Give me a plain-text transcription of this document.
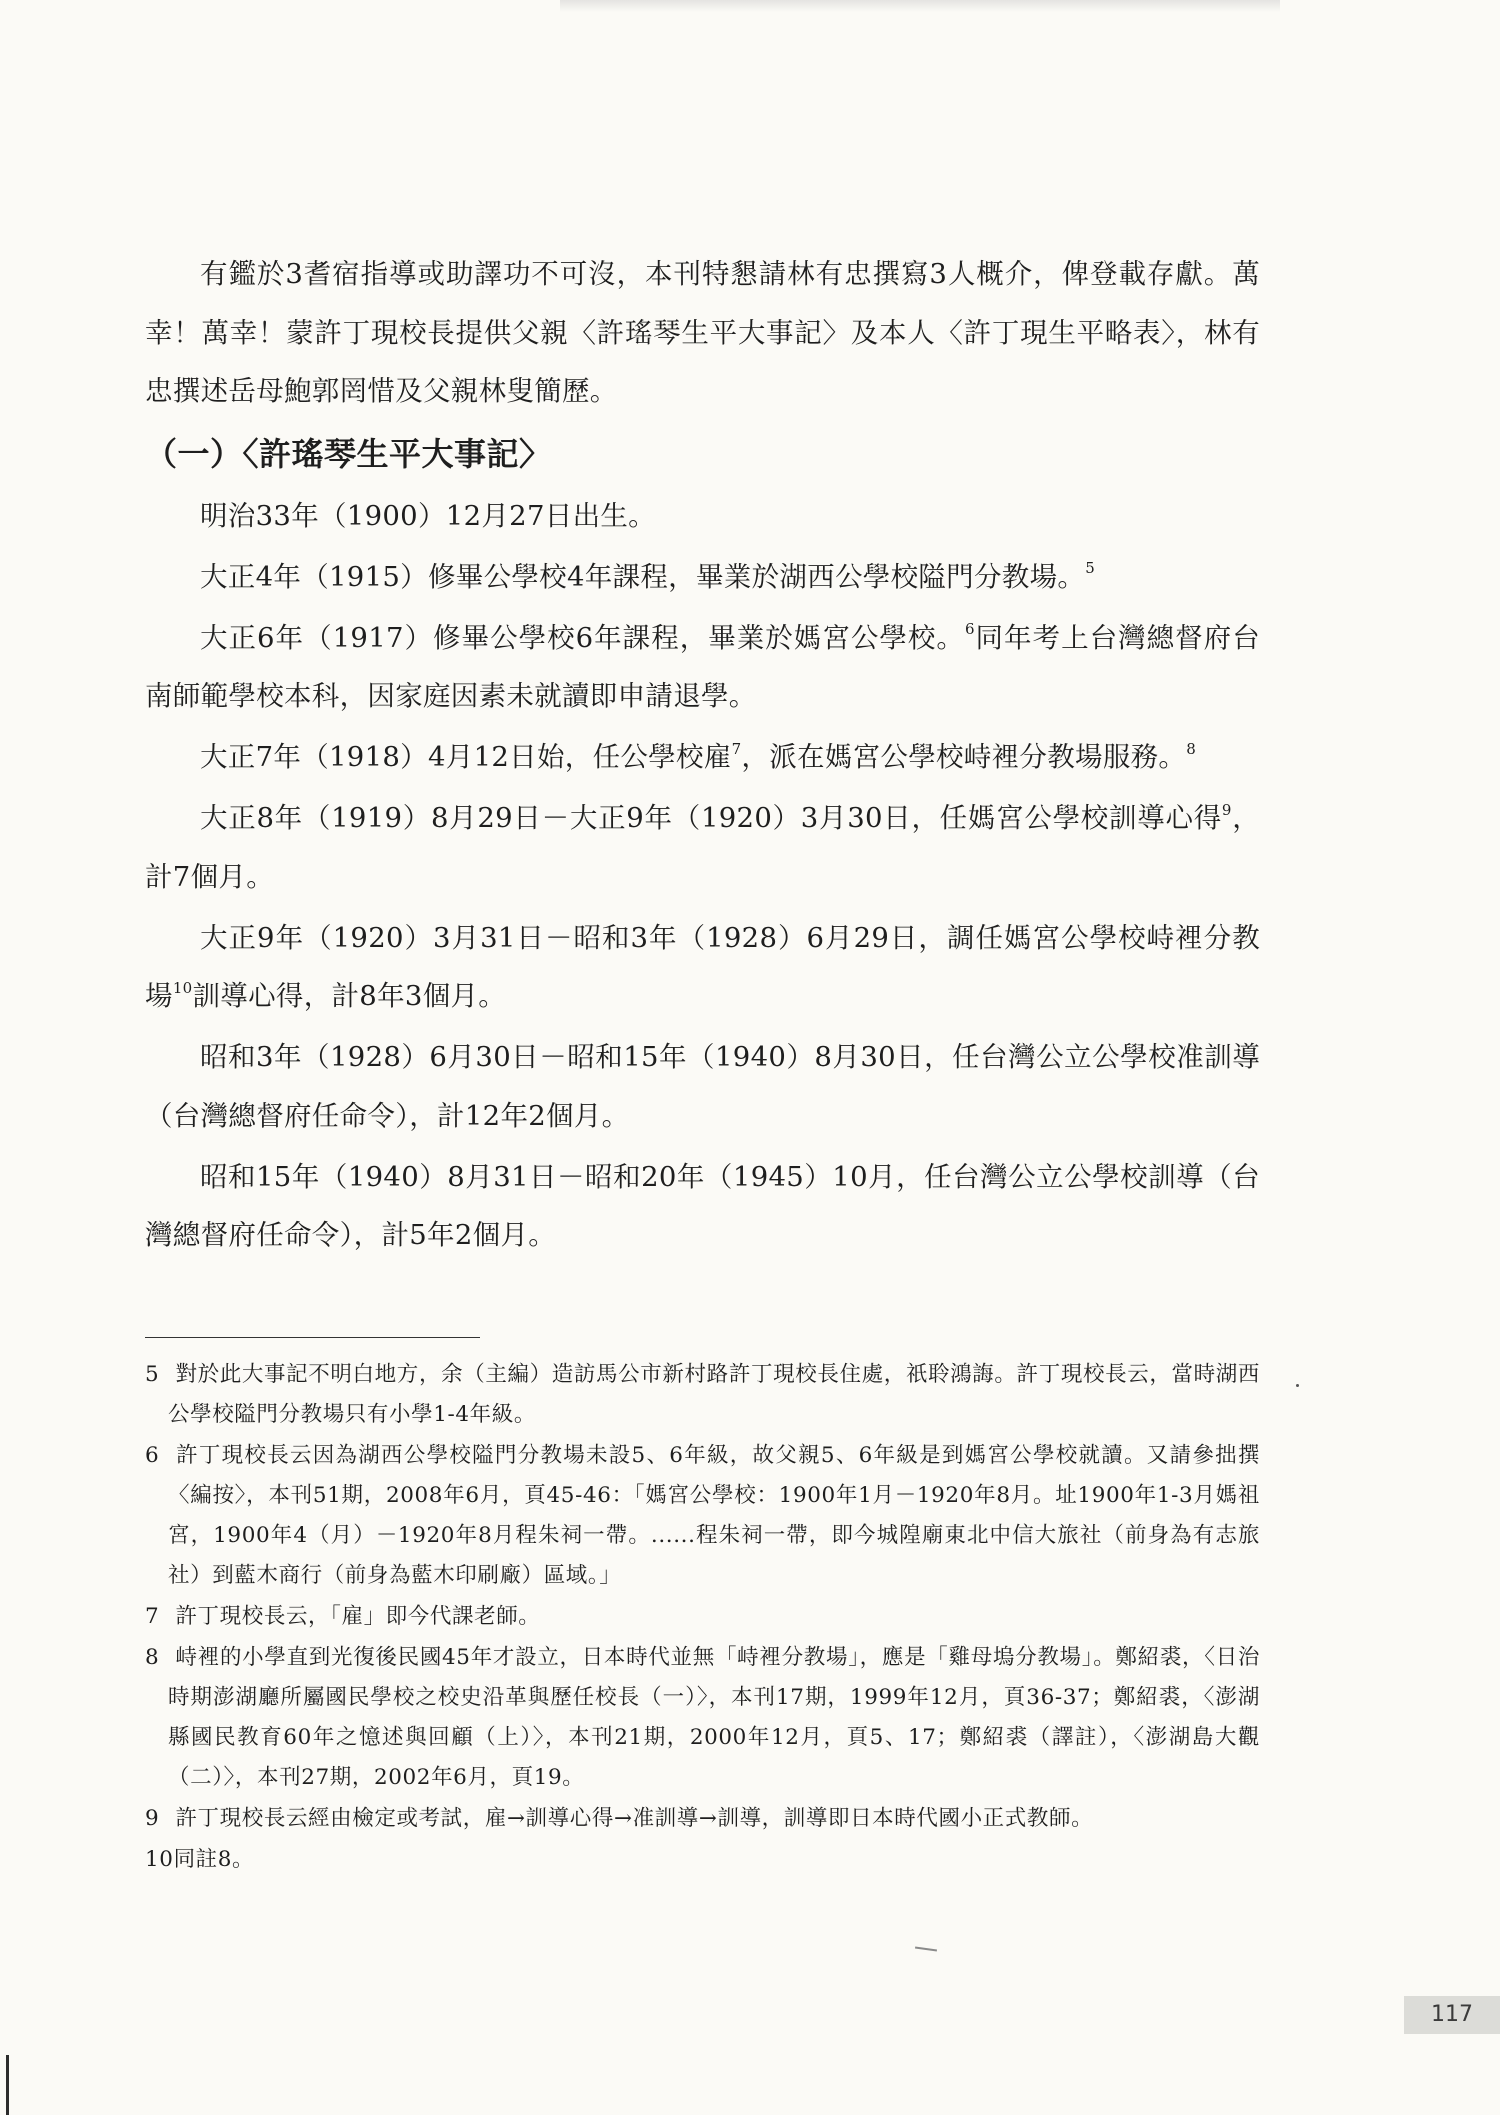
有鑑於3耆宿指導或助譯功不可沒，本刊特懇請林有忠撰寫3人概介，俾登載存獻。萬幸！萬幸！蒙許丁現校長提供父親〈許瑤琴生平大事記〉及本人〈許丁現生平略表〉，林有忠撰述岳母鮑郭罔惜及父親林叟簡歷。

（一）〈許瑤琴生平大事記〉

明治33年（1900）12月27日出生。

大正4年（1915）修畢公學校4年課程，畢業於湖西公學校隘門分教場。$^5$

大正6年（1917）修畢公學校6年課程，畢業於媽宮公學校。$^6$同年考上台灣總督府台南師範學校本科，因家庭因素未就讀即申請退學。

大正7年（1918）4月12日始，任公學校雇$^7$，派在媽宮公學校峙裡分教場服務。$^8$

大正8年（1919）8月29日－大正9年（1920）3月30日，任媽宮公學校訓導心得$^9$，計7個月。

大正9年（1920）3月31日－昭和3年（1928）6月29日，調任媽宮公學校峙裡分教場$^{10}$訓導心得，計8年3個月。

昭和3年（1928）6月30日－昭和15年（1940）8月30日，任台灣公立公學校准訓導（台灣總督府任命令），計12年2個月。

昭和15年（1940）8月31日－昭和20年（1945）10月，任台灣公立公學校訓導（台灣總督府任命令），計5年2個月。

5 對於此大事記不明白地方，余（主編）造訪馬公市新村路許丁現校長住處，祇聆鴻誨。許丁現校長云，當時湖西公學校隘門分教場只有小學1-4年級。

6 許丁現校長云因為湖西公學校隘門分教場未設5、6年級，故父親5、6年級是到媽宮公學校就讀。又請參拙撰〈編按〉，本刊51期，2008年6月，頁45-46：「媽宮公學校：1900年1月－1920年8月。址1900年1-3月媽祖宮，1900年4（月）－1920年8月程朱祠一帶。......程朱祠一帶，即今城隍廟東北中信大旅社（前身為有志旅社）到藍木商行（前身為藍木印刷廠）區域。」

7 許丁現校長云，「雇」即今代課老師。

8 峙裡的小學直到光復後民國45年才設立，日本時代並無「峙裡分教場」，應是「雞母塢分教場」。鄭紹裘，〈日治時期澎湖廳所屬國民學校之校史沿革與歷任校長（一）〉，本刊17期，1999年12月，頁36-37；鄭紹裘，〈澎湖縣國民教育60年之憶述與回顧（上）〉，本刊21期，2000年12月，頁5、17；鄭紹裘（譯註），〈澎湖島大觀（二）〉，本刊27期，2002年6月，頁19。

9 許丁現校長云經由檢定或考試，雇→訓導心得→准訓導→訓導，訓導即日本時代國小正式教師。

10同註8。

117
